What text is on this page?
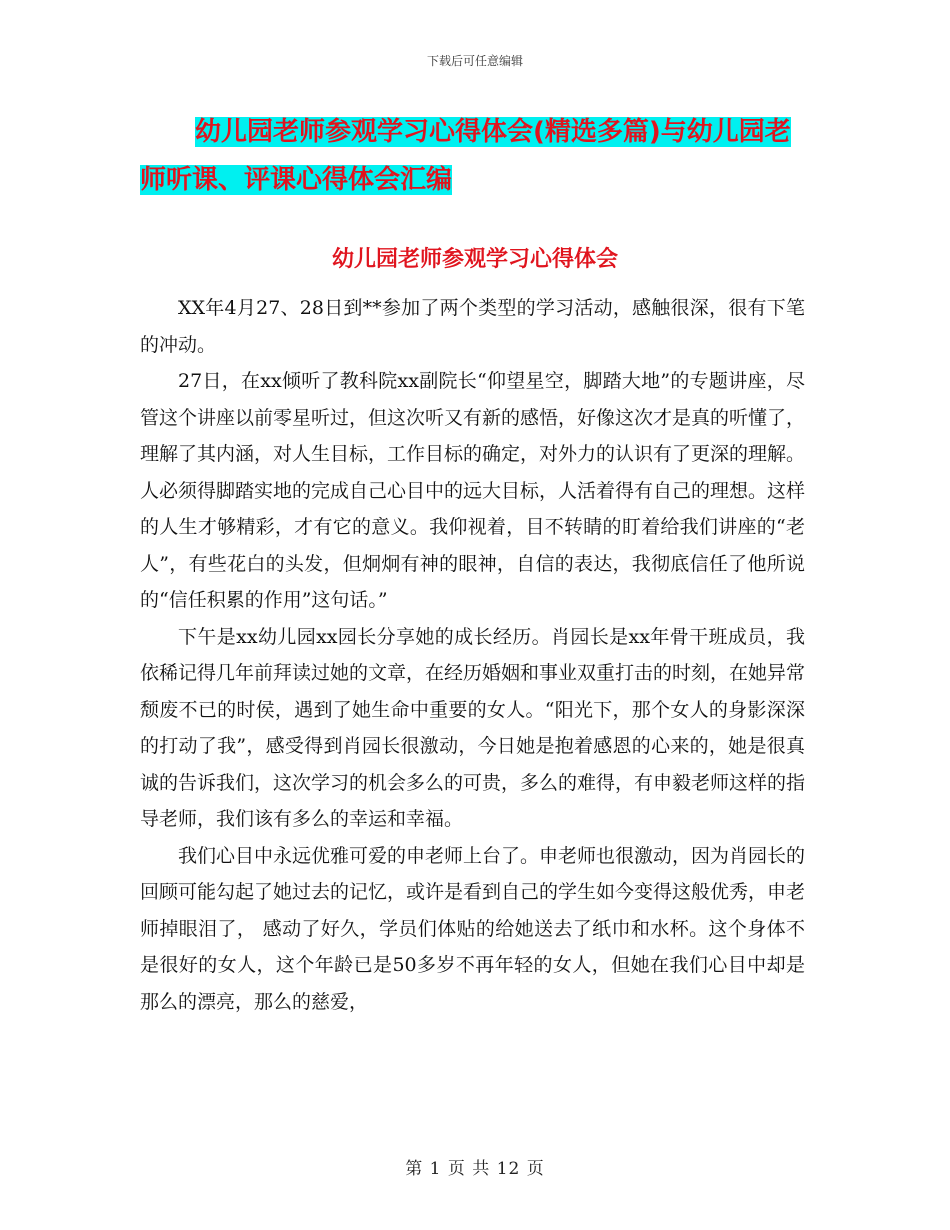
下载后可任意编辑
幼儿园老师参观学习心得体会(精选多篇)与幼儿园老
师听课、评课心得体会汇编
幼儿园老师参观学习心得体会

XX年4月27、28日到**参加了两个类型的学习活动，感触很深，很有下笔的冲动。

27日，在xx倾听了教科院xx副院长“仰望星空，脚踏大地”的专题讲座，尽管这个讲座以前零星听过，但这次听又有新的感悟，好像这次才是真的听懂了，理解了其内涵，对人生目标，工作目标的确定，对外力的认识有了更深的理解。人必须得脚踏实地的完成自己心目中的远大目标，人活着得有自己的理想。这样的人生才够精彩，才有它的意义。我仰视着，目不转睛的盯着给我们讲座的“老人”，有些花白的头发，但炯炯有神的眼神，自信的表达，我彻底信任了他所说的“信任积累的作用”这句话。”

下午是xx幼儿园xx园长分享她的成长经历。肖园长是xx年骨干班成员，我依稀记得几年前拜读过她的文章，在经历婚姻和事业双重打击的时刻，在她异常颓废不已的时侯，遇到了她生命中重要的女人。“阳光下，那个女人的身影深深的打动了我”，感受得到肖园长很激动，今日她是抱着感恩的心来的，她是很真诚的告诉我们，这次学习的机会多么的可贵，多么的难得，有申毅老师这样的指导老师，我们该有多么的幸运和幸福。

我们心目中永远优雅可爱的申老师上台了。申老师也很激动，因为肖园长的回顾可能勾起了她过去的记忆，或许是看到自己的学生如今变得这般优秀，申老师掉眼泪了， 感动了好久，学员们体贴的给她送去了纸巾和水杯。这个身体不是很好的女人，这个年龄已是50多岁不再年轻的女人，但她在我们心目中却是那么的漂亮，那么的慈爱，

第 1 页 共 12 页
